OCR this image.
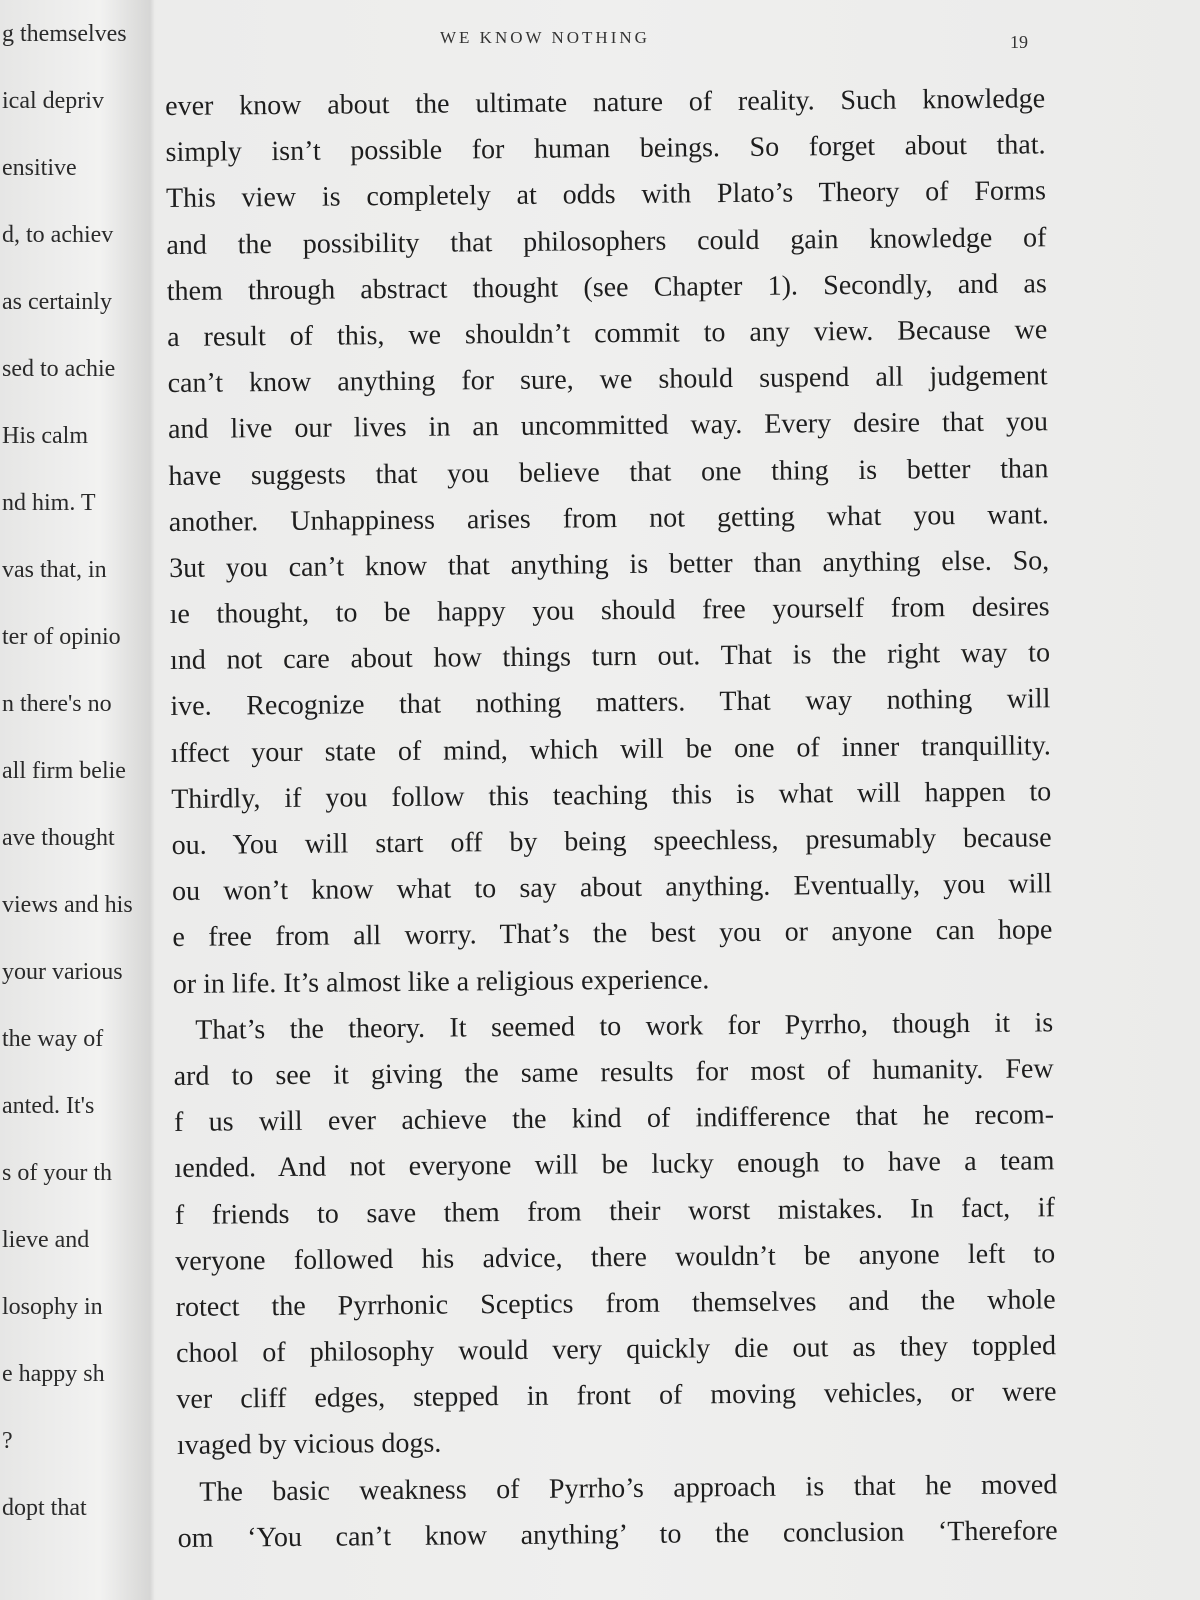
g themselves
ical depriv
ensitive
d, to achiev
as certainly
sed to achie
His calm
nd him. T
vas that, in
ter of opinio
n there's no
all firm belie
ave thought
views and his
your various
the way of
anted. It's
s of your th
lieve and
losophy in
e happy sh
?
dopt that
WE KNOW NOTHING	19
ever know about the ultimate nature of reality. Such knowledge
simply isn’t possible for human beings. So forget about that.
This view is completely at odds with Plato’s Theory of Forms
and the possibility that philosophers could gain knowledge of
them through abstract thought (see Chapter 1). Secondly, and as
a result of this, we shouldn’t commit to any view. Because we
can’t know anything for sure, we should suspend all judgement
and live our lives in an uncommitted way. Every desire that you
have suggests that you believe that one thing is better than
another. Unhappiness arises from not getting what you want.
3ut you can’t know that anything is better than anything else. So,
ıe thought, to be happy you should free yourself from desires
ınd not care about how things turn out. That is the right way to
ive. Recognize that nothing matters. That way nothing will
ıffect your state of mind, which will be one of inner tranquillity.
Thirdly, if you follow this teaching this is what will happen to
ou. You will start off by being speechless, presumably because
ou won’t know what to say about anything. Eventually, you will
e free from all worry. That’s the best you or anyone can hope
or in life. It’s almost like a religious experience.
That’s the theory. It seemed to work for Pyrrho, though it is
ard to see it giving the same results for most of humanity. Few
f us will ever achieve the kind of indifference that he recom-
ıended. And not everyone will be lucky enough to have a team
f friends to save them from their worst mistakes. In fact, if
veryone followed his advice, there wouldn’t be anyone left to
rotect the Pyrrhonic Sceptics from themselves and the whole
chool of philosophy would very quickly die out as they toppled
ver cliff edges, stepped in front of moving vehicles, or were
ıvaged by vicious dogs.
The basic weakness of Pyrrho’s approach is that he moved
om ‘You can’t know anything’ to the conclusion ‘Therefore
